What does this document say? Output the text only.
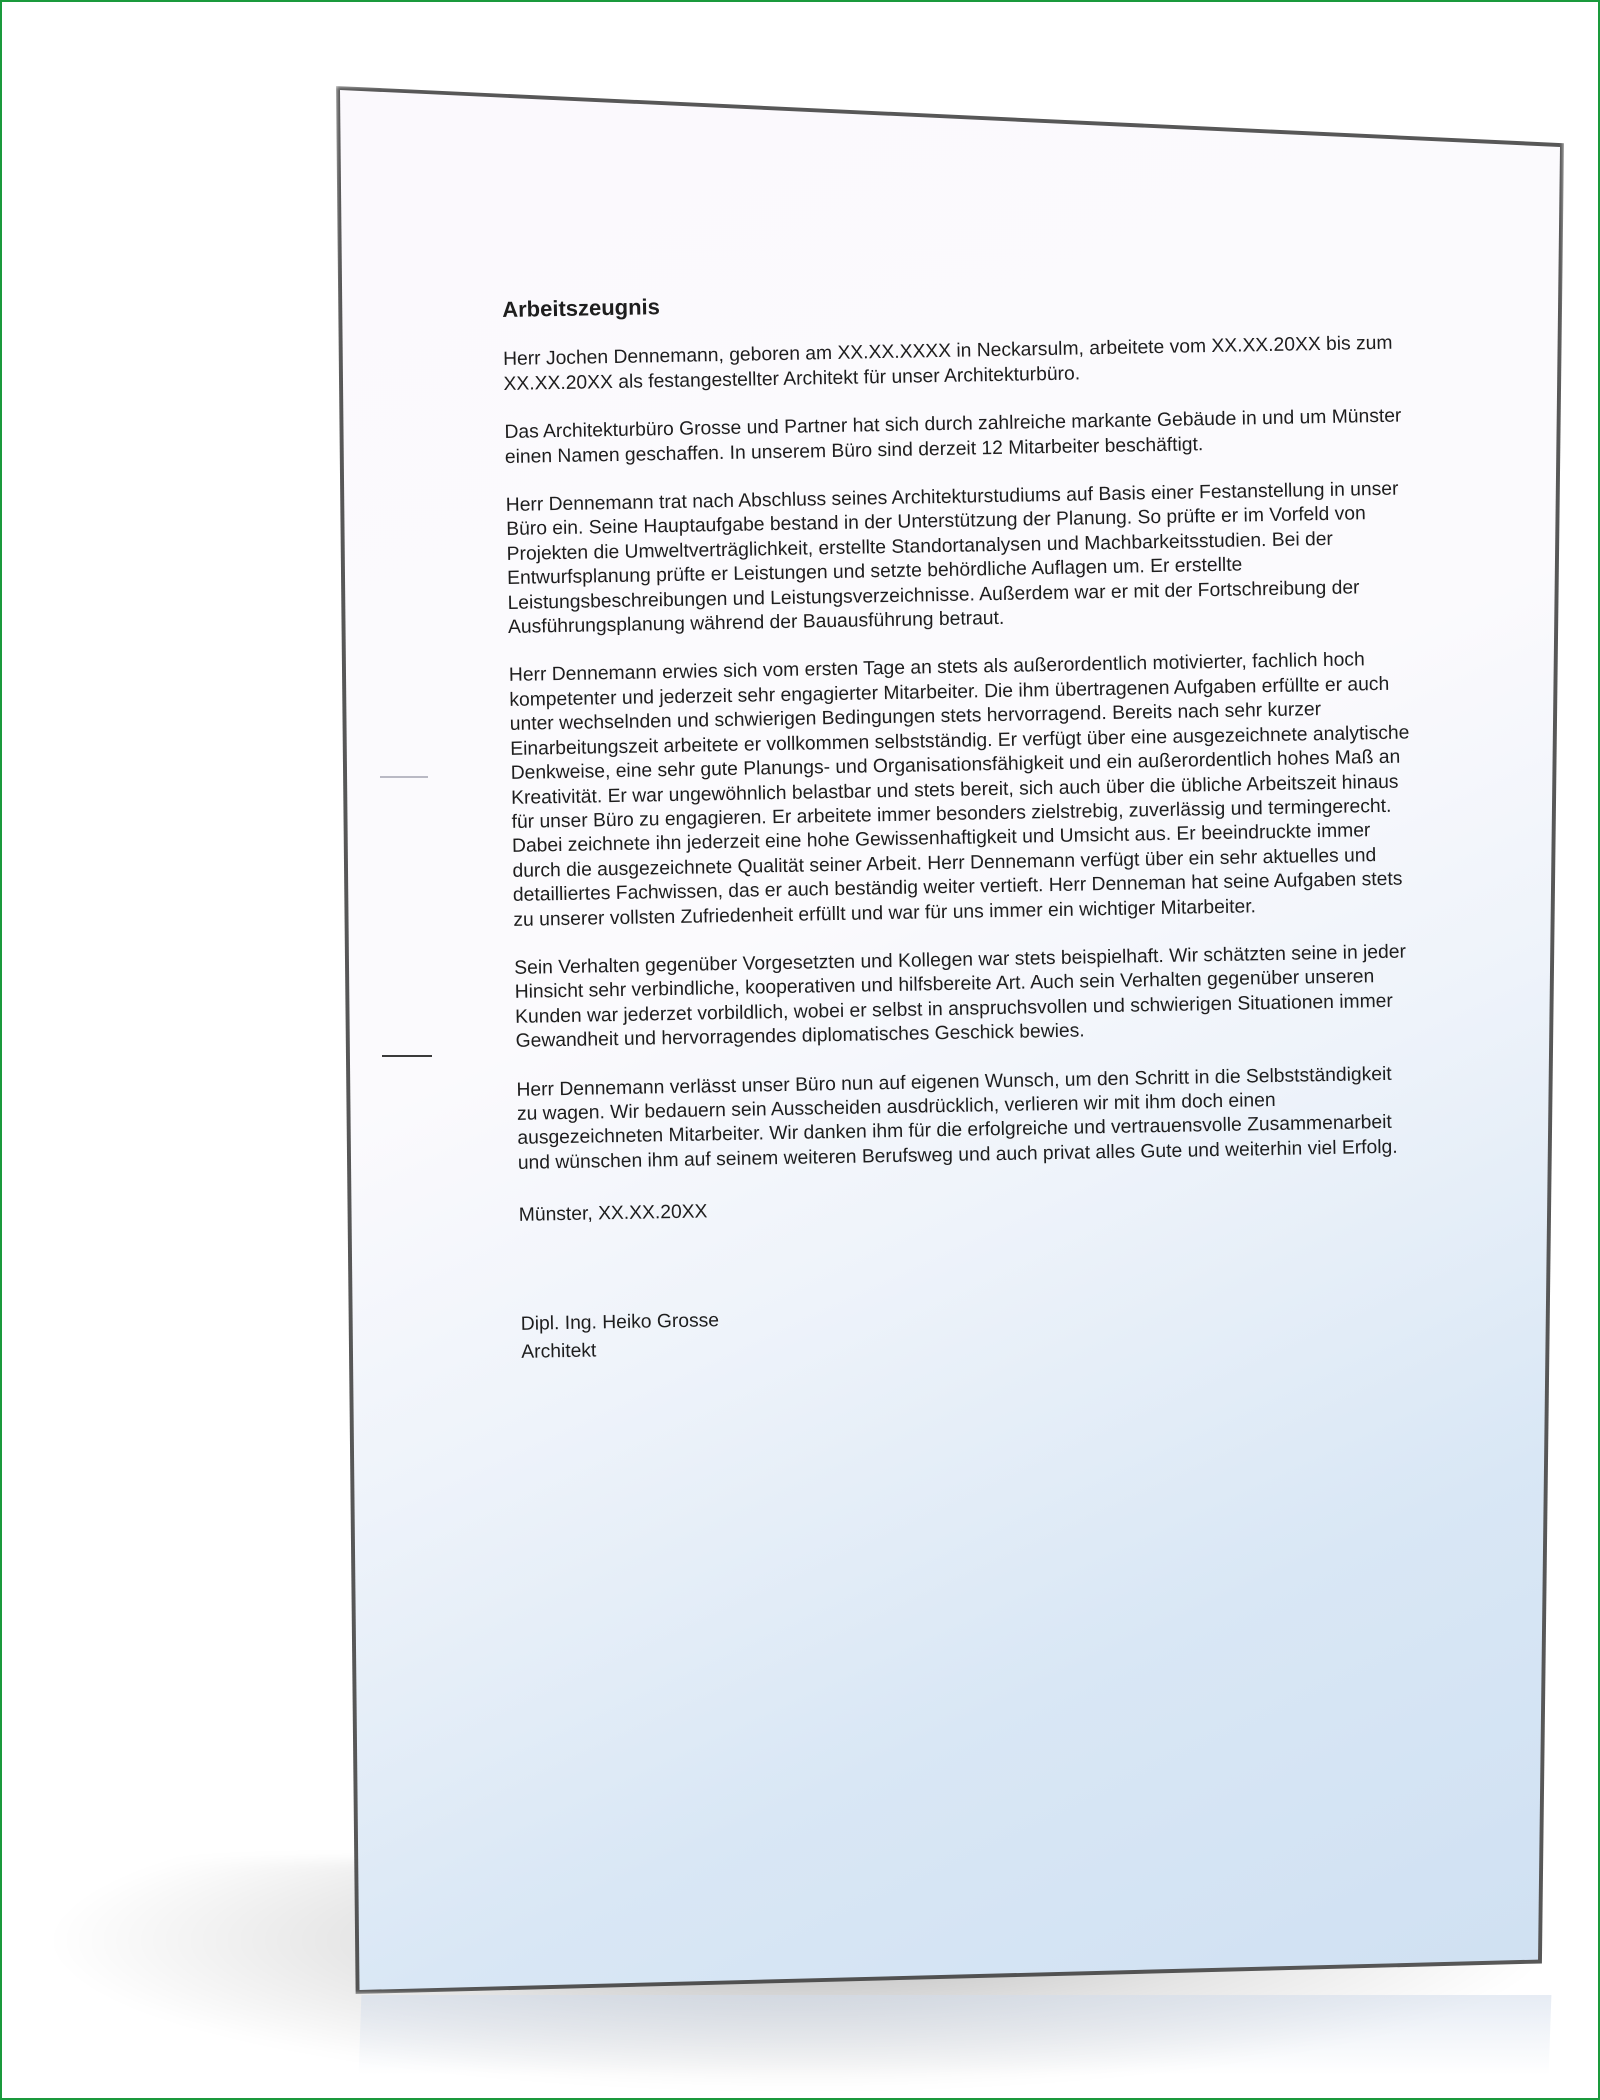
Arbeitszeugnis
Herr Jochen Dennemann, geboren am XX.XX.XXXX in Neckarsulm, arbeitete vom XX.XX.20XX bis zum
XX.XX.20XX als festangestellter Architekt für unser Architekturbüro.
Das Architekturbüro Grosse und Partner hat sich durch zahlreiche markante Gebäude in und um Münster
einen Namen geschaffen. In unserem Büro sind derzeit 12 Mitarbeiter beschäftigt.
Herr Dennemann trat nach Abschluss seines Architekturstudiums auf Basis einer Festanstellung in unser
Büro ein. Seine Hauptaufgabe bestand in der Unterstützung der Planung. So prüfte er im Vorfeld von
Projekten die Umweltverträglichkeit, erstellte Standortanalysen und Machbarkeitsstudien. Bei der
Entwurfsplanung prüfte er Leistungen und setzte behördliche Auflagen um. Er erstellte
Leistungsbeschreibungen und Leistungsverzeichnisse. Außerdem war er mit der Fortschreibung der
Ausführungsplanung während der Bauausführung betraut.
Herr Dennemann erwies sich vom ersten Tage an stets als außerordentlich motivierter, fachlich hoch
kompetenter und jederzeit sehr engagierter Mitarbeiter. Die ihm übertragenen Aufgaben erfüllte er auch
unter wechselnden und schwierigen Bedingungen stets hervorragend. Bereits nach sehr kurzer
Einarbeitungszeit arbeitete er vollkommen selbstständig. Er verfügt über eine ausgezeichnete analytische
Denkweise, eine sehr gute Planungs- und Organisationsfähigkeit und ein außerordentlich hohes Maß an
Kreativität. Er war ungewöhnlich belastbar und stets bereit, sich auch über die übliche Arbeitszeit hinaus
für unser Büro zu engagieren. Er arbeitete immer besonders zielstrebig, zuverlässig und termingerecht.
Dabei zeichnete ihn jederzeit eine hohe Gewissenhaftigkeit und Umsicht aus. Er beeindruckte immer
durch die ausgezeichnete Qualität seiner Arbeit. Herr Dennemann verfügt über ein sehr aktuelles und
detailliertes Fachwissen, das er auch beständig weiter vertieft. Herr Denneman hat seine Aufgaben stets
zu unserer vollsten Zufriedenheit erfüllt und war für uns immer ein wichtiger Mitarbeiter.
Sein Verhalten gegenüber Vorgesetzten und Kollegen war stets beispielhaft. Wir schätzten seine in jeder
Hinsicht sehr verbindliche, kooperativen und hilfsbereite Art. Auch sein Verhalten gegenüber unseren
Kunden war jederzet vorbildlich, wobei er selbst in anspruchsvollen und schwierigen Situationen immer
Gewandheit und hervorragendes diplomatisches Geschick bewies.
Herr Dennemann verlässt unser Büro nun auf eigenen Wunsch, um den Schritt in die Selbstständigkeit
zu wagen. Wir bedauern sein Ausscheiden ausdrücklich, verlieren wir mit ihm doch einen
ausgezeichneten Mitarbeiter. Wir danken ihm für die erfolgreiche und vertrauensvolle Zusammenarbeit
und wünschen ihm auf seinem weiteren Berufsweg und auch privat alles Gute und weiterhin viel Erfolg.
Münster, XX.XX.20XX
Dipl. Ing. Heiko Grosse
Architekt
